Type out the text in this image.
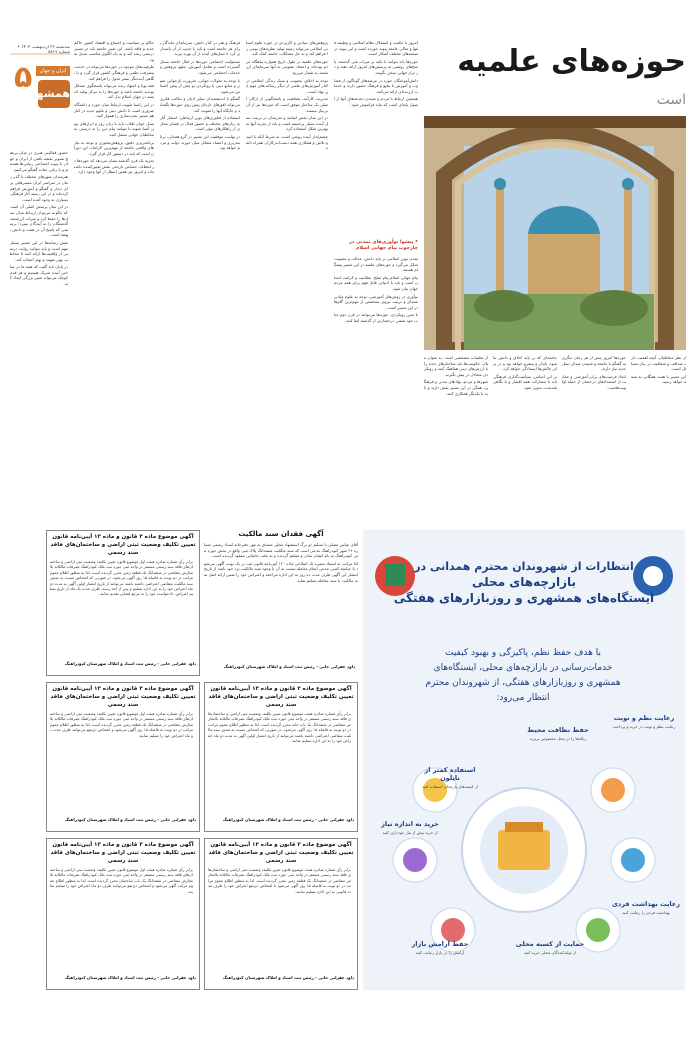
سه‌شنبه ۲۳ اردیبهشت ۱۴۰۴ • شماره ۵۸۱۹
۵	ایران و جهان
همشهری

حضور فعالیتی هنری در میان بی‌هیچ تصویر نقشه بافتی از ایران و جهان با پیوند اجتماعی زیبایی‌ها هستیم و با زبانی ساده گفتگو می‌کنیم.

هنرمندان شهرهای مختلف با گذر زمان در سراسر ایران مسیرهایی برای دیدار و گفتگو و آموزش فراهم کرده‌اند و در این زمینه آثار فرهنگی بسیاری به وجود آمده است.

در این میان پرسش اصلی آن است که چگونه می‌توان ارتباط میان نسل‌ها را حفظ کرد و میراث ارزشمند گذشتگان را به آیندگان سپرد؛ پرسشی که پاسخ آن در همت و دانش نهفته است.

نقش رسانه‌ها در این مسیر بسیار مهم است و باید بتوانند روایت درستی از واقعیت‌ها ارائه کنند تا مخاطب بهتر بفهمد و بهتر انتخاب کند.

در پایان باید گفت که همه ما در ساختن آینده شریک هستیم و هر قدم کوچک می‌تواند تغییر بزرگی ایجاد کند.

حاکم بر سیاست و اجتماع و اقتصاد کشور حاکم جدید و فاقد باشد. این تغییر جامعه باید در مسیر درستی رشد کند و به یک الگوی مناسب تبدیل شود.

ظرفیت‌های موجود در حوزه‌ها می‌تواند در خدمت پیشرفت علمی و فرهنگی کشور قرار گیرد و با نگاهی آینده‌نگر بستر تحول را فراهم کند.

فقه پویا و اجتهاد زنده می‌تواند پاسخگوی مسائل نوپدید جامعه باشد و حوزه‌ها را به مرکز تولید اندیشه در جهان اسلام بدل کند.

در این راستا تقویت ارتباط میان حوزه و دانشگاه ضروری است تا دانش دینی و علوم جدید در کنار هم مسیر تمدن‌سازی را هموار کنند.

نسل جوان طلاب باید با زبان روز و ابزارهای نوین آشنا شوند تا بتوانند پیام دین را به درستی به مخاطبان جهانی منتقل کنند.

برنامه‌ریزی دقیق، پژوهش‌محوری و توجه به نیازهای واقعی جامعه از مهم‌ترین الزامات این دوران است که باید در دستور کار قرار گیرد.

تجربه یک قرن گذشته نشان می‌دهد که حوزه‌ها در لحظات حساس تاریخی نقش تعیین‌کننده داشته‌اند و امروز نیز همین انتظار از آنها وجود دارد.

فرهنگ و هنر در کنار دانش، سرمایه‌ای ماندگار برای هر جامعه است و باید با جدیت از آن پاسداری کرد تا نسل‌های آینده از آن بهره ببرند.

مسئولیت اجتماعی حوزه‌ها در قبال جامعه بسیار گسترده است و شامل آموزش، تبلیغ، پژوهش و خدمات اجتماعی می‌شود.

با توجه به تحولات جهانی، ضرورت بازخوانی متون و منابع دینی با رویکردی نو بیش از پیش احساس می‌شود.

گفتگو با اندیشمندان سایر ادیان و مکاتب فکری می‌تواند افق‌های تازه‌ای پیش روی حوزه‌ها بگشاید و جایگاه آنها را تقویت کند.

استفاده از فناوری‌های نوین ارتباطی، انتشار آثار به زبان‌های مختلف و حضور فعال در فضای مجازی از راهکارهای مؤثر است.

در نهایت، موفقیت این مسیر در گرو همدلی، برنامه‌ریزی و اعتماد متقابل میان حوزه، دولت و مردم خواهد بود.

پژوهش‌های بنیادین و کاربردی در حوزه علوم انسانی اسلامی می‌تواند زمینه تولید نظریه‌های بومی را فراهم کند و به حل مشکلات جامعه کمک کند.

حوزه‌های علمیه در طول تاریخ همواره پناهگاه مردم بوده‌اند و اعتماد عمومی به آنها سرمایه‌ای ارزشمند به شمار می‌رود.

توجه به اخلاق، معنویت و سبک زندگی اسلامی در کنار آموزش‌های علمی از دیگر رسالت‌های مهم این نهاد است.

مدیریت کارآمد، شفافیت و پاسخگویی از ارکان اصلی یک ساختار موفق است که حوزه‌ها نیز از آن بی‌نیاز نیستند.

در این میان نقش اساتید و مدرسان در تربیت نسل آینده بسیار برجسته است و باید از تجربه آنها به بهترین شکل استفاده کرد.

چشم‌انداز آینده روشن است، به شرط آنکه با امید و تلاش و همکاری همه دست‌اندرکاران همراه باشد.

امروز با حکمت و استقلال نظام اسلامی و وظیفه فقها و تعالی جامعه پیوند خورده است و این پیوند در صحنه‌های مختلف آشکار است.

حوزه‌ها باید بتوانند با تکیه بر میراث غنی گذشته، پاسخ‌های روشنی به پرسش‌های امروز ارائه دهند و در تراز جهانی سخن بگویند.

دانش‌آموختگان حوزه در عرصه‌های گوناگون از قضاوت و آموزش تا تبلیغ و فرهنگ حضور دارند و خدمات ارزنده‌ای ارائه می‌کنند.

همچنین ارتباط با مردم و شنیدن دغدغه‌های آنها از اصول پایه‌ای است که نباید فراموش شود.

• پیشوا نوآوری‌های تمدنی در چارچوب پیام جهانی اسلام

تمدن نوین اسلامی بر پایه دانش، عدالت و معنویت شکل می‌گیرد و حوزه‌های علمیه در این مسیر پیشگام هستند.

پیام جهانی اسلام پیام صلح، عقلانیت و کرامت انسان است و باید با ادبیاتی قابل فهم برای همه مردم جهان بیان شود.

نوآوری در روش‌های آموزشی، توجه به علوم میان‌رشته‌ای و تربیت نیروی متخصص از مهم‌ترین گام‌ها در این مسیر است.

با چنین رویکردی، حوزه‌ها می‌توانند در قرن دوم حیات خود نقشی درخشان‌تر از گذشته ایفا کنند.

حوزه‌های علمیه
است

از تعلیمات مشخصی است. به عنوان مثال، حکومت‌ها باید ساختارهای جدید را با ارزش‌های دینی هماهنگ کنند و رویکردی متعادل در پیش بگیرند.

شهرها و مردم، نهادهای مدنی و فرهنگی، همگی در این مسیر نقش دارند و باید با یکدیگر همکاری کنند.

جامعه‌ای که بر پایه اخلاق و دانش بنا شود، پایدار و پیشرو خواهد بود و در برابر چالش‌ها ایستادگی خواهد کرد.

بر این اساس، سیاست‌گذاری فرهنگی باید با مشارکت همه اقشار و با نگاهی بلندمدت تدوین شود.

حوزه‌ها امروز بیش از هر زمان دیگری به گفتگو با جامعه و شنیدن صدای نسل جدید نیاز دارند.

ایجاد فرصت‌های برابر آموزشی و حمایت از استعدادهای درخشان از جمله اولویت‌هاست.

از نظر مخاطبان، آنچه اهمیت دارد صداقت و شفافیت در بیان مسائل است.

این مسیر با همت همگانی به نتیجه خواهد رسید.

آگهی فقدان سند مالکیت

آقای عباس مصلی با تسلیم دو برگ استشهاد محلی مصدق به مهر دفترخانه اسناد رسمی شماره ۲۴ شهر کبودراهنگ مدعی است که سند مالکیت ششدانگ پلاک ثبتی واقع در بخش حوزه ثبتی کبودراهنگ به نام ایشان صادر و تسلیم گردیده و به علت جابجایی مفقود گردیده است.

لذا مراتب به استناد تبصره یک اصلاحی ماده ۱۲۰ آیین‌نامه قانون ثبت در یک نوبت آگهی می‌شود تا چنانچه کسی مدعی انجام معامله نسبت به آن یا وجود سند مالکیت نزد خود باشد از تاریخ انتشار این آگهی ظرف مدت ده روز به این اداره مراجعه و اعتراض خود را ضمن ارائه اصل سند مالکیت یا سند معامله تسلیم نماید.

داود غفرانی خانی - رئیس ثبت اسناد و املاک شهرستان کبودراهنگ
آگهی موضوع ماده ۳ قانون و ماده ۱۳ آیین‌نامه قانون تعیین تکلیف وضعیت ثبتی اراضی و ساختمان‌های فاقد سند رسمی
برابر رأی شماره صادره هیئت اول موضوع قانون تعیین تکلیف وضعیت ثبتی اراضی و ساختمان‌های فاقد سند رسمی مستقر در واحد ثبتی حوزه ثبت ملک کبودراهنگ تصرفات مالکانه بلامعارض متقاضی در ششدانگ یک قطعه زمین محرز گردیده است. لذا به منظور اطلاع عموم مراتب در دو نوبت به فاصله ۱۵ روز آگهی می‌شود، در صورتی که اشخاص نسبت به صدور سند مالکیت متقاضی اعتراضی داشته باشند می‌توانند از تاریخ انتشار اولین آگهی به مدت دو ماه اعتراض خود را به این اداره تسلیم و پس از اخذ رسید، ظرف مدت یک ماه از تاریخ تسلیم اعتراض، دادخواست خود را به مرجع قضایی تقدیم نمایند.
داود غفرانی خانی - رئیس ثبت اسناد و املاک شهرستان کبودراهنگ
آگهی موضوع ماده ۳ قانون و ماده ۱۳ آیین‌نامه قانون تعیین تکلیف وضعیت ثبتی اراضی و ساختمان‌های فاقد سند رسمی
برابر رأی شماره صادره هیئت موضوع قانون تعیین تکلیف وضعیت ثبتی اراضی و ساختمان‌های فاقد سند رسمی مستقر در واحد ثبتی حوزه ثبت ملک کبودراهنگ تصرفات مالکانه بلامعارض متقاضی در ششدانگ یک باب خانه محرز گردیده است. لذا به منظور اطلاع عموم مراتب در دو نوبت به فاصله ۱۵ روز آگهی می‌شود، در صورتی که اشخاص نسبت به صدور سند مالکیت متقاضی اعتراضی داشته باشند می‌توانند از تاریخ انتشار اولین آگهی به مدت دو ماه اعتراض خود را به این اداره تسلیم نمایند.
داود غفرانی خانی - رئیس ثبت اسناد و املاک شهرستان کبودراهنگ
آگهی موضوع ماده ۳ قانون و ماده ۱۳ آیین‌نامه قانون تعیین تکلیف وضعیت ثبتی اراضی و ساختمان‌های فاقد سند رسمی
برابر رأی شماره صادره هیئت اول موضوع قانون تعیین تکلیف وضعیت ثبتی اراضی و ساختمان‌های فاقد سند رسمی مستقر در واحد ثبتی حوزه ثبت ملک کبودراهنگ تصرفات مالکانه بلامعارض متقاضی در ششدانگ یک قطعه زمین محرز گردیده است. لذا به منظور اطلاع عموم مراتب در دو نوبت به فاصله ۱۵ روز آگهی می‌شود و اشخاص ذی‌نفع می‌توانند ظرف مدت دو ماه اعتراض خود را تسلیم نمایند.
داود غفرانی خانی - رئیس ثبت اسناد و املاک شهرستان کبودراهنگ
آگهی موضوع ماده ۳ قانون و ماده ۱۳ آیین‌نامه قانون تعیین تکلیف وضعیت ثبتی اراضی و ساختمان‌های فاقد سند رسمی
برابر رأی شماره صادره هیئت موضوع قانون تعیین تکلیف وضعیت ثبتی اراضی و ساختمان‌های فاقد سند رسمی مستقر در واحد ثبتی حوزه ثبت ملک کبودراهنگ تصرفات مالکانه بلامعارض متقاضی در ششدانگ یک قطعه زمین محرز گردیده است. لذا به منظور اطلاع عموم مراتب در دو نوبت به فاصله ۱۵ روز آگهی می‌شود تا اشخاص ذی‌نفع اعتراض خود را ظرف مدت قانونی به این اداره تسلیم نمایند.
داود غفرانی خانی - رئیس ثبت اسناد و املاک شهرستان کبودراهنگ
آگهی موضوع ماده ۳ قانون و ماده ۱۳ آیین‌نامه قانون تعیین تکلیف وضعیت ثبتی اراضی و ساختمان‌های فاقد سند رسمی
برابر رأی شماره صادره هیئت اول موضوع قانون تعیین تکلیف وضعیت ثبتی اراضی و ساختمان‌های فاقد سند رسمی مستقر در واحد ثبتی حوزه ثبت ملک کبودراهنگ تصرفات مالکانه بلامعارض متقاضی در ششدانگ یک باب ساختمان محرز گردیده است. لذا به منظور اطلاع عموم مراتب آگهی می‌شود و اشخاص ذی‌نفع می‌توانند ظرف دو ماه اعتراض خود را تسلیم نمایند.
داود غفرانی خانی - رئیس ثبت اسناد و املاک شهرستان کبودراهنگ
انتظارات از شهروندان محترم همدانی در
بازارچه‌های محلی
ایستگاه‌های همشهری و روزبازارهای هفتگی
با هدف حفظ نظم، پاکیزگی و بهبود کیفیت خدمات‌رسانی در بازارچه‌های محلی، ایستگاه‌های همشهری و روزبازارهای هفتگی، از شهروندان محترم انتظار می‌رود:
رعایت نظم و نوبت
رعایت نظم و نوبت در خرید و پرداخت
حفظ نظافت محیط
زباله‌ها را در محل مخصوص بریزید
استفاده کمتر از نایلون
از کیسه‌های پارچه‌ای استفاده کنید
خرید به اندازه نیاز
از خرید بیش از نیاز خودداری کنید
حمایت از کسبه محلی
از تولیدکنندگان محلی خرید کنید
حفظ آرامش بازار
آرامش را در بازار رعایت کنید
رعایت بهداشت فردی
بهداشت فردی را رعایت کنید
